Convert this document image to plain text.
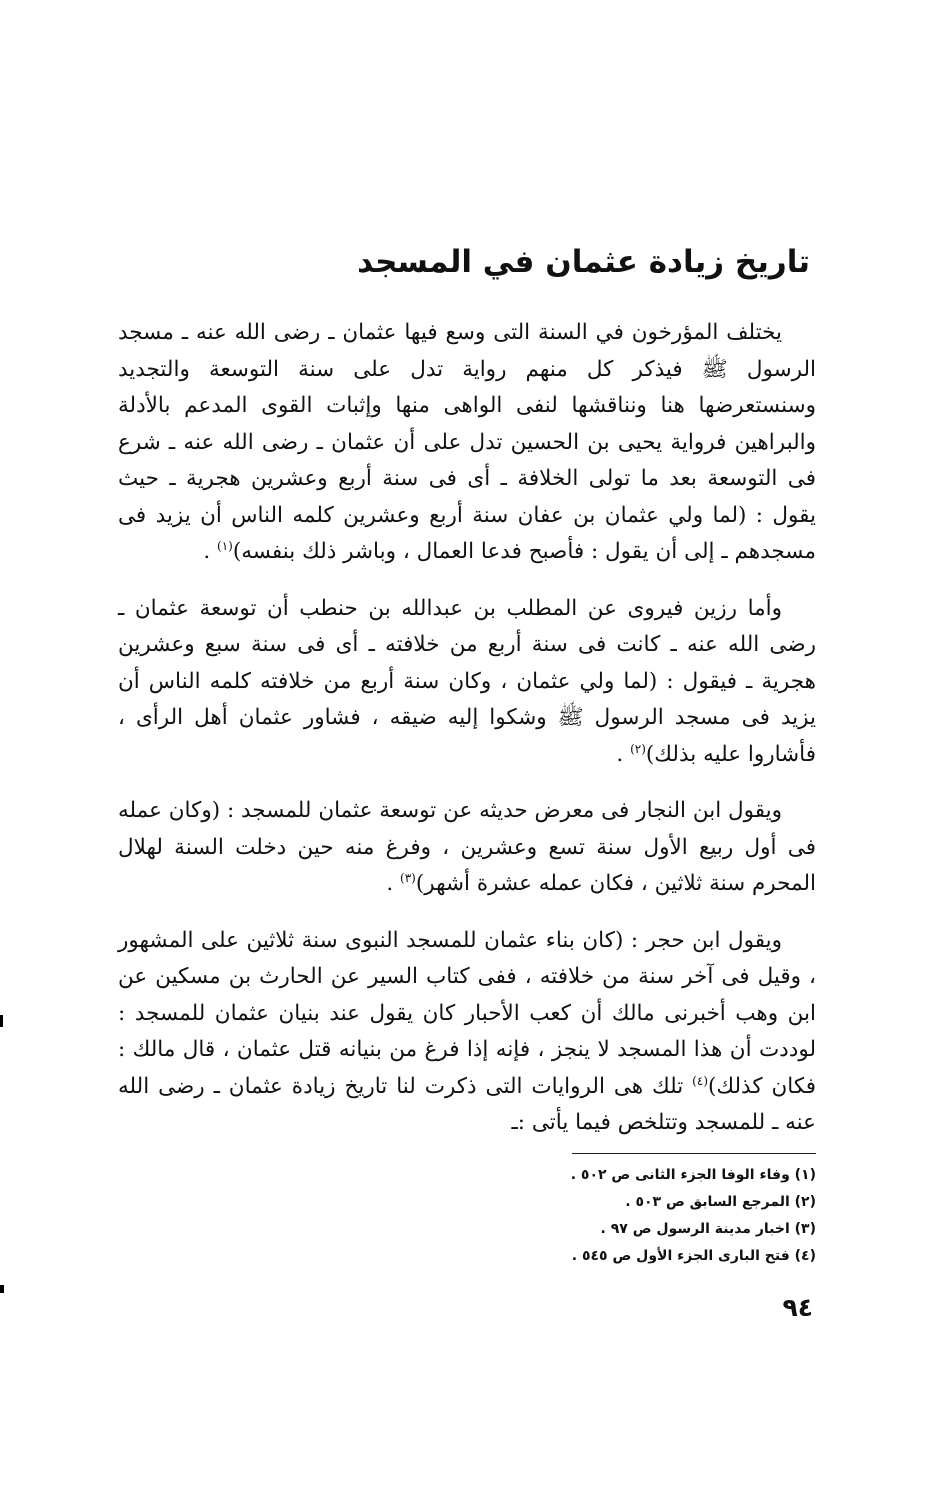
تاريخ زيادة عثمان في المسجد

يختلف المؤرخون في السنة التى وسع فيها عثمان ـ رضى الله عنه ـ مسجد الرسول ﷺ فيذكر كل منهم رواية تدل على سنة التوسعة والتجديد وسنستعرضها هنا ونناقشها لنفى الواهى منها وإثبات القوى المدعم بالأدلة والبراهين فرواية يحيى بن الحسين تدل على أن عثمان ـ رضى الله عنه ـ شرع فى التوسعة بعد ما تولى الخلافة ـ أى فى سنة أربع وعشرين هجرية ـ حيث يقول : (لما ولي عثمان بن عفان سنة أربع وعشرين كلمه الناس أن يزيد فى مسجدهم ـ إلى أن يقول : فأصبح فدعا العمال ، وباشر ذلك بنفسه)$^{(١)}$ .

وأما رزين فيروى عن المطلب بن عبدالله بن حنطب أن توسعة عثمان ـ رضى الله عنه ـ كانت فى سنة أربع من خلافته ـ أى فى سنة سبع وعشرين هجرية ـ فيقول : (لما ولي عثمان ، وكان سنة أربع من خلافته كلمه الناس أن يزيد فى مسجد الرسول ﷺ وشكوا إليه ضيقه ، فشاور عثمان أهل الرأى ، فأشاروا عليه بذلك)$^{(٢)}$ .

ويقول ابن النجار فى معرض حديثه عن توسعة عثمان للمسجد : (وكان عمله فى أول ربيع الأول سنة تسع وعشرين ، وفرغ منه حين دخلت السنة لهلال المحرم سنة ثلاثين ، فكان عمله عشرة أشهر)$^{(٣)}$ .

ويقول ابن حجر : (كان بناء عثمان للمسجد النبوى سنة ثلاثين على المشهور ، وقيل فى آخر سنة من خلافته ، ففى كتاب السير عن الحارث بن مسكين عن ابن وهب أخبرنى مالك أن كعب الأحبار كان يقول عند بنيان عثمان للمسجد : لوددت أن هذا المسجد لا ينجز ، فإنه إذا فرغ من بنيانه قتل عثمان ، قال مالك : فكان كذلك)$^{(٤)}$ تلك هى الروايات التى ذكرت لنا تاريخ زيادة عثمان ـ رضى الله عنه ـ للمسجد وتتلخص فيما يأتى :ـ

(١) وفاء الوفا الجزء الثانى ص ٥٠٢ .
(٢) المرجع السابق ص ٥٠٣ .
(٣) اخبار مدينة الرسول ص ٩٧ .
(٤) فتح البارى الجزء الأول ص ٥٤٥ .
٩٤
